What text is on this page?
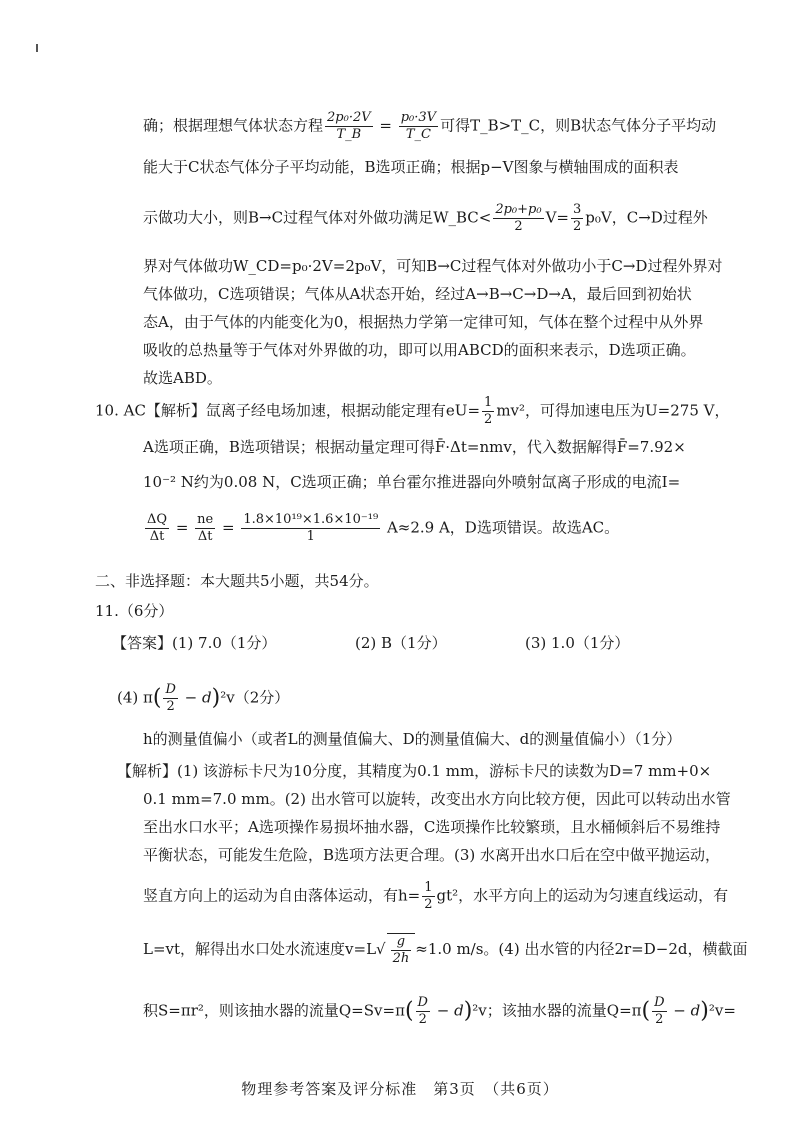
确；根据理想气体状态方程 $\frac{\text{2p₀·2V}}{T\_B} = \frac{\text{p₀·3V}}{T\_C}$ 可得T_B>T_C，则B状态气体分子平均动
能大于C状态气体分子平均动能，B选项正确；根据p−V图象与横轴围成的面积表
示做功大小，则B→C过程气体对外做功满足W_BC< $\frac{\text{2p₀+p₀}}{2} V= \frac{3}{2} p_0V$，C→D过程外
界对气体做功W_CD=p₀·2V=2p₀V，可知B→C过程气体对外做功小于C→D过程外界对
气体做功，C选项错误；气体从A状态开始，经过A→B→C→D→A，最后回到初始状
态A，由于气体的内能变化为0，根据热力学第一定律可知，气体在整个过程中从外界
吸收的总热量等于气体对外界做的功，即可以用ABCD的面积来表示，D选项正确。
故选ABD。
10. AC【解析】氙离子经电场加速，根据动能定理有$eU= \frac{1}{2} mv^2$，可得加速电压为U=275 V，
A选项正确，B选项错误；根据动量定理可得F̄·Δt=nmv，代入数据解得F̄=7.92×
10⁻² N约为0.08 N，C选项正确；单台霍尔推进器向外喷射氙离子形成的电流I=
$\frac{\Delta Q}{\Delta t} = \frac{ne}{\Delta t} = \frac{\text{1.8×10¹⁹×1.6×10⁻¹⁹}}{1} A\approx 2.9$ A，D选项错误。故选AC。
二、非选择题：本大题共5小题，共54分。
11.（6分）
【答案】(1) 7.0（1分）	(2) B（1分）	(3) 1.0（1分）
(4) $\pi( \frac{D}{2} - d)^2v(2$分）
h的测量值偏小（或者L的测量值偏大、D的测量值偏大、d的测量值偏小）（1分）
【解析】(1) 该游标卡尺为10分度，其精度为0.1 mm，游标卡尺的读数为D=7 mm+0×
0.1 mm=7.0 mm。(2) 出水管可以旋转，改变出水方向比较方便，因此可以转动出水管
至出水口水平；A选项操作易损坏抽水器，C选项操作比较繁琐，且水桶倾斜后不易维持
平衡状态，可能发生危险，B选项方法更合理。(3) 水离开出水口后在空中做平抛运动，
竖直方向上的运动为自由落体运动，有$h= \frac{1}{2} gt^2$，水平方向上的运动为匀速直线运动，有
L=vt，解得出水口处水流速度$v=L√ \frac{g}{2h} \approx 1.0$ m/s。(4) 出水管的内径2r=D−2d，横截面
积S=πr²，则该抽水器的流量$Q=Sv=\pi( \frac{D}{2} - d)^2v$；该抽水器的流量$Q=\pi( \frac{D}{2} - d)^2v=$
物理参考答案及评分标准　第3页　（共6页）
